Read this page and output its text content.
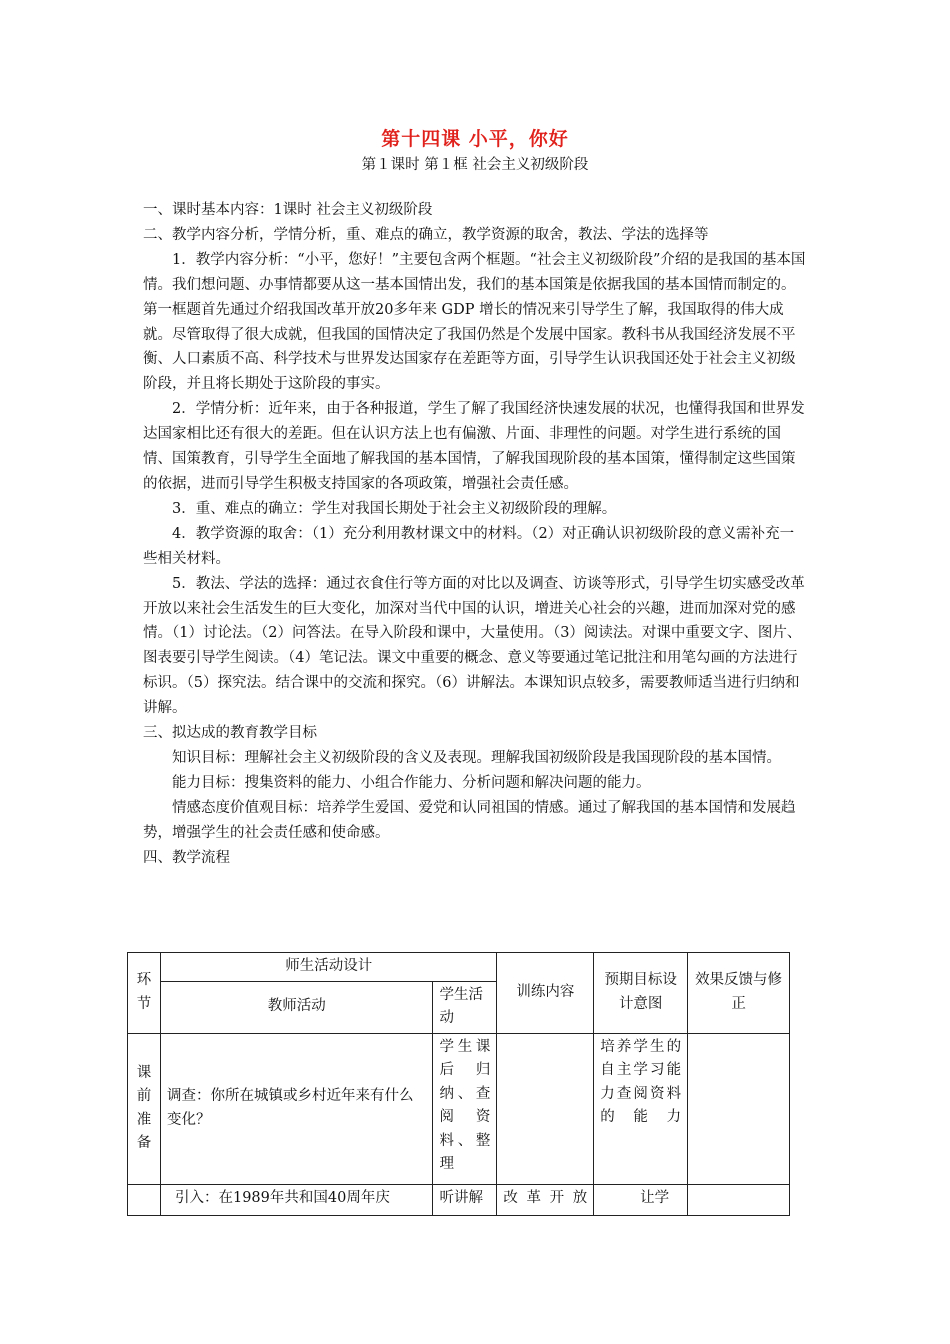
第十四课 小平，你好
第１课时 第１框 社会主义初级阶段

一、课时基本内容：1课时 社会主义初级阶段

二、教学内容分析，学情分析，重、难点的确立，教学资源的取舍，教法、学法的选择等

1．教学内容分析：“小平，您好！”主要包含两个框题。“社会主义初级阶段”介绍的是我国的基本国情。我们想问题、办事情都要从这一基本国情出发，我们的基本国策是依据我国的基本国情而制定的。第一框题首先通过介绍我国改革开放20多年来 GDP 增长的情况来引导学生了解，我国取得的伟大成就。尽管取得了很大成就，但我国的国情决定了我国仍然是个发展中国家。教科书从我国经济发展不平衡、人口素质不高、科学技术与世界发达国家存在差距等方面，引导学生认识我国还处于社会主义初级阶段，并且将长期处于这阶段的事实。

2．学情分析：近年来，由于各种报道，学生了解了我国经济快速发展的状况，也懂得我国和世界发达国家相比还有很大的差距。但在认识方法上也有偏激、片面、非理性的问题。对学生进行系统的国情、国策教育，引导学生全面地了解我国的基本国情，了解我国现阶段的基本国策，懂得制定这些国策的依据，进而引导学生积极支持国家的各项政策，增强社会责任感。

3．重、难点的确立：学生对我国长期处于社会主义初级阶段的理解。

4．教学资源的取舍：（1）充分利用教材课文中的材料。（2）对正确认识初级阶段的意义需补充一些相关材料。

5．教法、学法的选择：通过衣食住行等方面的对比以及调查、访谈等形式，引导学生切实感受改革开放以来社会生活发生的巨大变化，加深对当代中国的认识，增进关心社会的兴趣，进而加深对党的感情。（1）讨论法。（2）问答法。在导入阶段和课中，大量使用。（3）阅读法。对课中重要文字、图片、图表要引导学生阅读。（4）笔记法。课文中重要的概念、意义等要通过笔记批注和用笔勾画的方法进行标识。（5）探究法。结合课中的交流和探究。（6）讲解法。本课知识点较多，需要教师适当进行归纳和讲解。

三、拟达成的教育教学目标

知识目标：理解社会主义初级阶段的含义及表现。理解我国初级阶段是我国现阶段的基本国情。

能力目标：搜集资料的能力、小组合作能力、分析问题和解决问题的能力。

情感态度价值观目标：培养学生爱国、爱党和认同祖国的情感。通过了解我国的基本国情和发展趋势，增强学生的社会责任感和使命感。

四、教学流程

环节	师生活动设计		训练内容	预期目标设计意图	效果反馈与修正
	教师活动	学生活动			
课前准备	调查：你所在城镇或乡村近年来有什么变化？	学生课后归纳、查阅资料、整理		培养学生的自主学习能力查阅资料的能力	
	引入：在1989年共和国40周年庆	听讲解	改革开放	让学	
